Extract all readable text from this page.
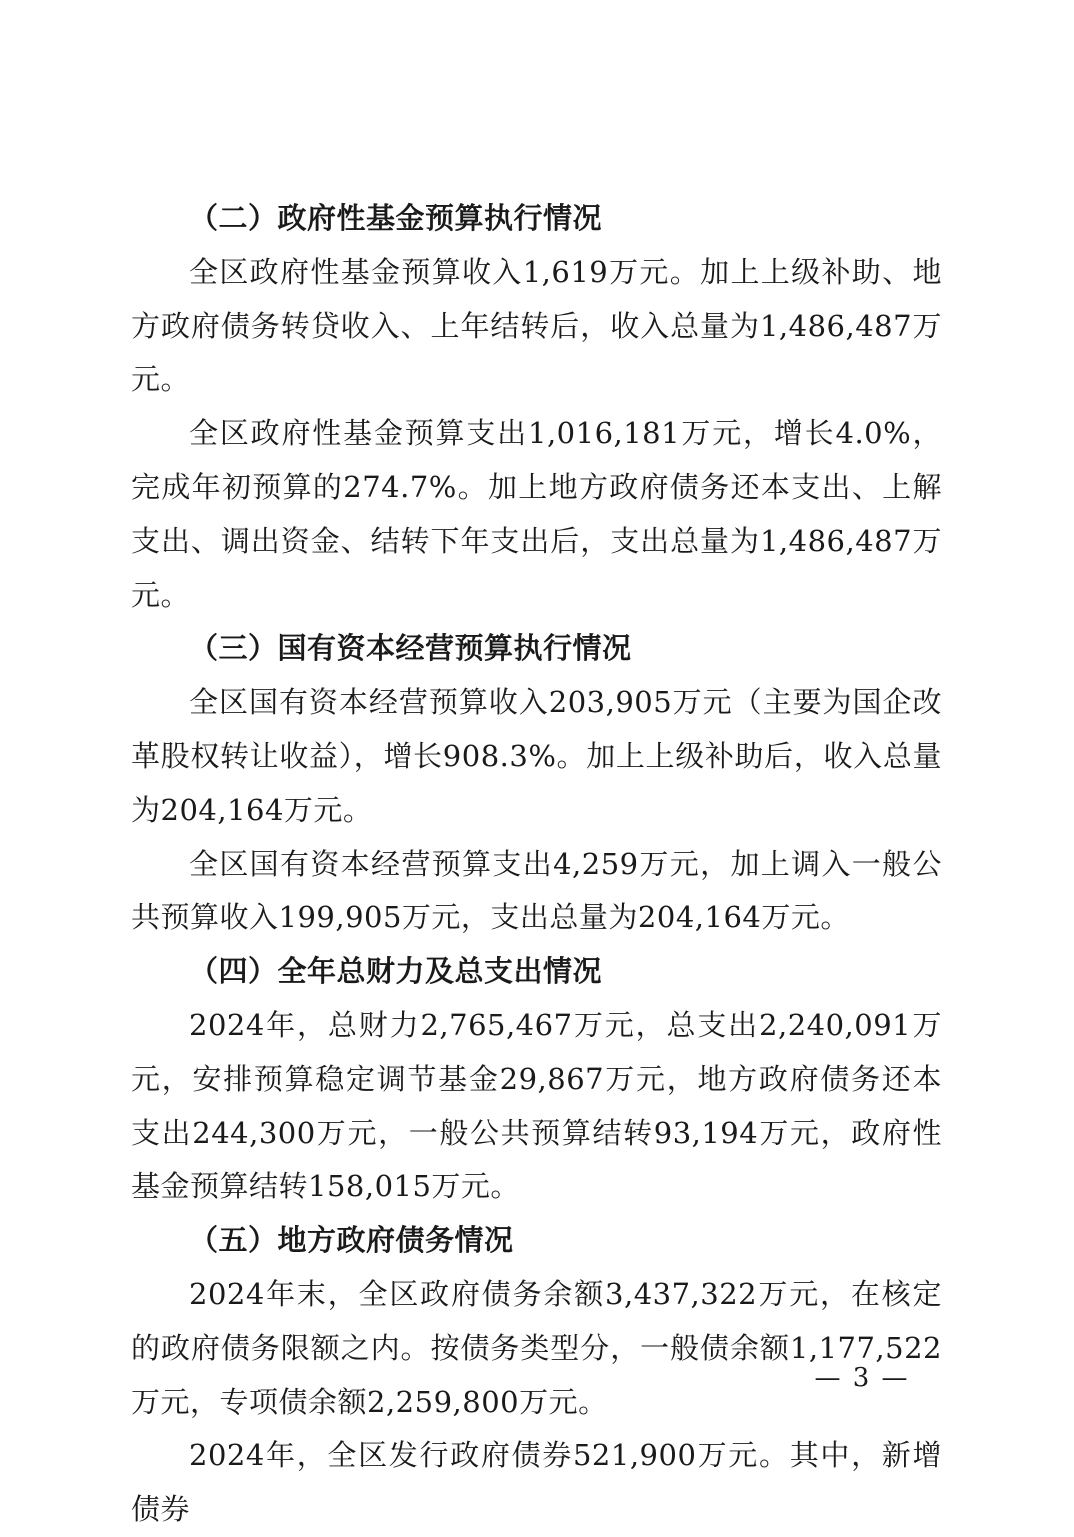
（二）政府性基金预算执行情况

全区政府性基金预算收入1,619万元。加上上级补助、地方政府债务转贷收入、上年结转后，收入总量为1,486,487万元。

全区政府性基金预算支出1,016,181万元，增长4.0%，完成年初预算的274.7%。加上地方政府债务还本支出、上解支出、调出资金、结转下年支出后，支出总量为1,486,487万元。

（三）国有资本经营预算执行情况

全区国有资本经营预算收入203,905万元（主要为国企改革股权转让收益），增长908.3%。加上上级补助后，收入总量为204,164万元。

全区国有资本经营预算支出4,259万元，加上调入一般公共预算收入199,905万元，支出总量为204,164万元。

（四）全年总财力及总支出情况

2024年，总财力2,765,467万元，总支出2,240,091万元，安排预算稳定调节基金29,867万元，地方政府债务还本支出244,300万元，一般公共预算结转93,194万元，政府性基金预算结转158,015万元。

（五）地方政府债务情况

2024年末，全区政府债务余额3,437,322万元，在核定的政府债务限额之内。按债务类型分，一般债余额1,177,522万元，专项债余额2,259,800万元。

2024年，全区发行政府债券521,900万元。其中，新增债券

— 3 —
